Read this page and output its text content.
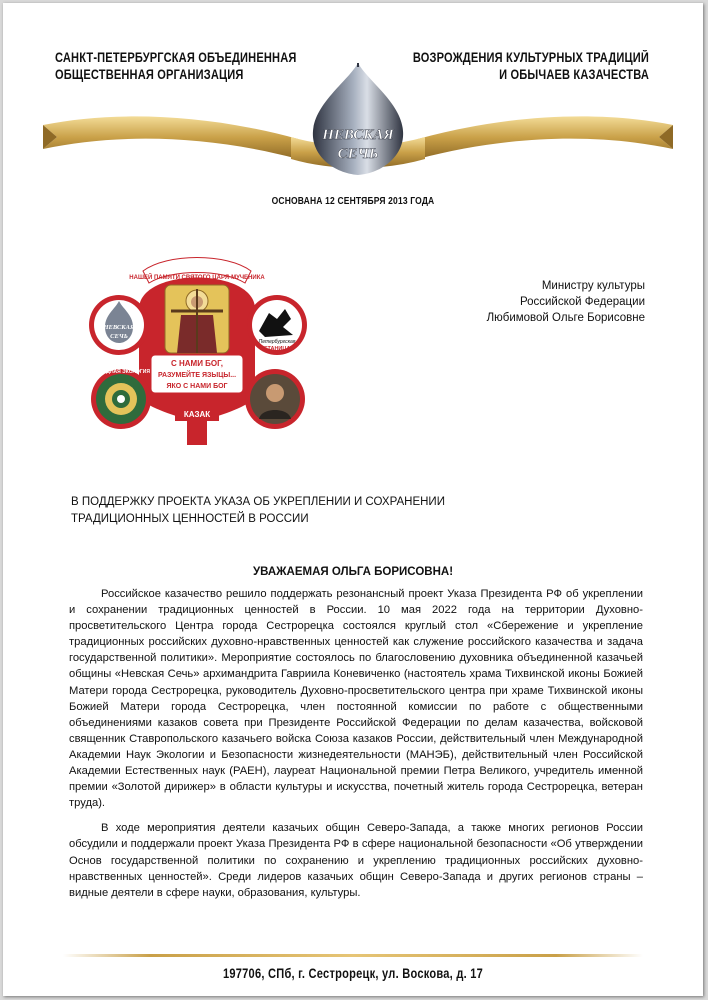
САНКТ-ПЕТЕРБУРГСКАЯ ОБЪЕДИНЕННАЯ
ОБЩЕСТВЕННАЯ ОРГАНИЗАЦИЯ
ВОЗРОЖДЕНИЯ КУЛЬТУРНЫХ ТРАДИЦИЙ
И ОБЫЧАЕВ КАЗАЧЕСТВА
НЕВСКАЯ
СЕЧЬ
ОСНОВАНА 12 СЕНТЯБРЯ 2013 ГОДА
НАШЕЙ ПАМЯТИ СВЯТОГО ЦАРЯ-МУЧЕНИКА
С НАМИ БОГ,
РАЗУМЕЙТЕ ЯЗЫЦЫ...
ЯКО С НАМИ БОГ
НЕВСКАЯ
СЕЧЬ
Петербургская
СТАНИЦА
НАРОДНАЯ ЭКОЛОГИЯ
КАЗАК
Министру культуры
Российской Федерации
Любимовой Ольге Борисовне
В ПОДДЕРЖКУ ПРОЕКТА УКАЗА ОБ УКРЕПЛЕНИИ И СОХРАНЕНИИ
ТРАДИЦИОННЫХ ЦЕННОСТЕЙ В РОССИИ
УВАЖАЕМАЯ ОЛЬГА БОРИСОВНА!

Российское казачество решило поддержать резонансный проект Указа Президента РФ об укреплении и сохранении традиционных ценностей в России. 10 мая 2022 года на территории Духовно-просветительского Центра города Сестрорецка состоялся круглый стол «Сбережение и укрепление традиционных российских духовно-нравственных ценностей как служение российского казачества и задача государственной политики». Мероприятие состоялось по благословению духовника объединенной казачьей общины «Невская Сечь» архимандрита Гавриила Коневиченко (настоятель храма Тихвинской иконы Божией Матери города Сестрорецка, руководитель Духовно-просветительского центра при храме Тихвинской иконы Божией Матери города Сестрорецка, член постоянной комиссии по работе с общественными объединениями казаков совета при Президенте Российской Федерации по делам казачества, войсковой священник Ставропольского казачьего войска Союза казаков России, действительный член Международной Академии Наук Экологии и Безопасности жизнедеятельности (МАНЭБ), действительный член Российской Академии Естественных наук (РАЕН), лауреат Национальной премии Петра Великого, учредитель именной премии «Золотой дирижер» в области культуры и искусства, почетный житель города Сестрорецка, ветеран труда).

В ходе мероприятия деятели казачьих общин Северо-Запада, а также многих регионов России обсудили и поддержали проект Указа Президента РФ в сфере национальной безопасности «Об утверждении Основ государственной политики по сохранению и укреплению традиционных российских духовно-нравственных ценностей». Среди лидеров казачьих общин Северо-Запада и других регионов страны – видные деятели в сфере науки, образования, культуры.

197706, СПб, г. Сестрорецк, ул. Воскова, д. 17
